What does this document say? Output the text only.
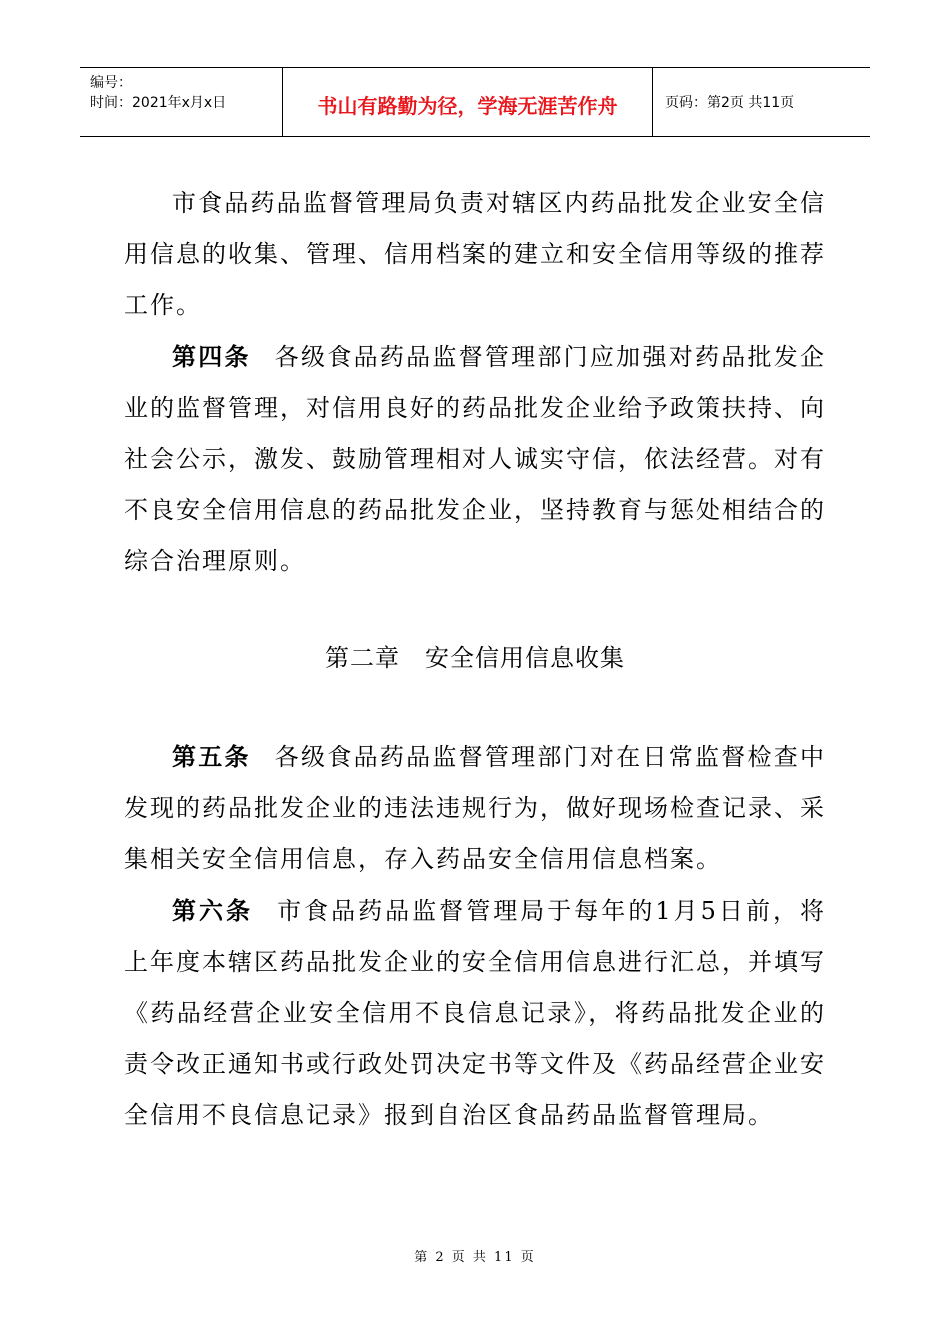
编号：
时间：2021年x月x日	书山有路勤为径，学海无涯苦作舟	页码：第2页 共11页

市食品药品监督管理局负责对辖区内药品批发企业安全信用信息的收集、管理、信用档案的建立和安全信用等级的推荐工作。

第四条 各级食品药品监督管理部门应加强对药品批发企业的监督管理，对信用良好的药品批发企业给予政策扶持、向社会公示，激发、鼓励管理相对人诚实守信，依法经营。对有不良安全信用信息的药品批发企业，坚持教育与惩处相结合的综合治理原则。

第二章　安全信用信息收集

第五条 各级食品药品监督管理部门对在日常监督检查中发现的药品批发企业的违法违规行为，做好现场检查记录、采集相关安全信用信息，存入药品安全信用信息档案。

第六条 市食品药品监督管理局于每年的1月5日前，将上年度本辖区药品批发企业的安全信用信息进行汇总，并填写《药品经营企业安全信用不良信息记录》，将药品批发企业的责令改正通知书或行政处罚决定书等文件及《药品经营企业安全信用不良信息记录》报到自治区食品药品监督管理局。

第 2 页 共 11 页
